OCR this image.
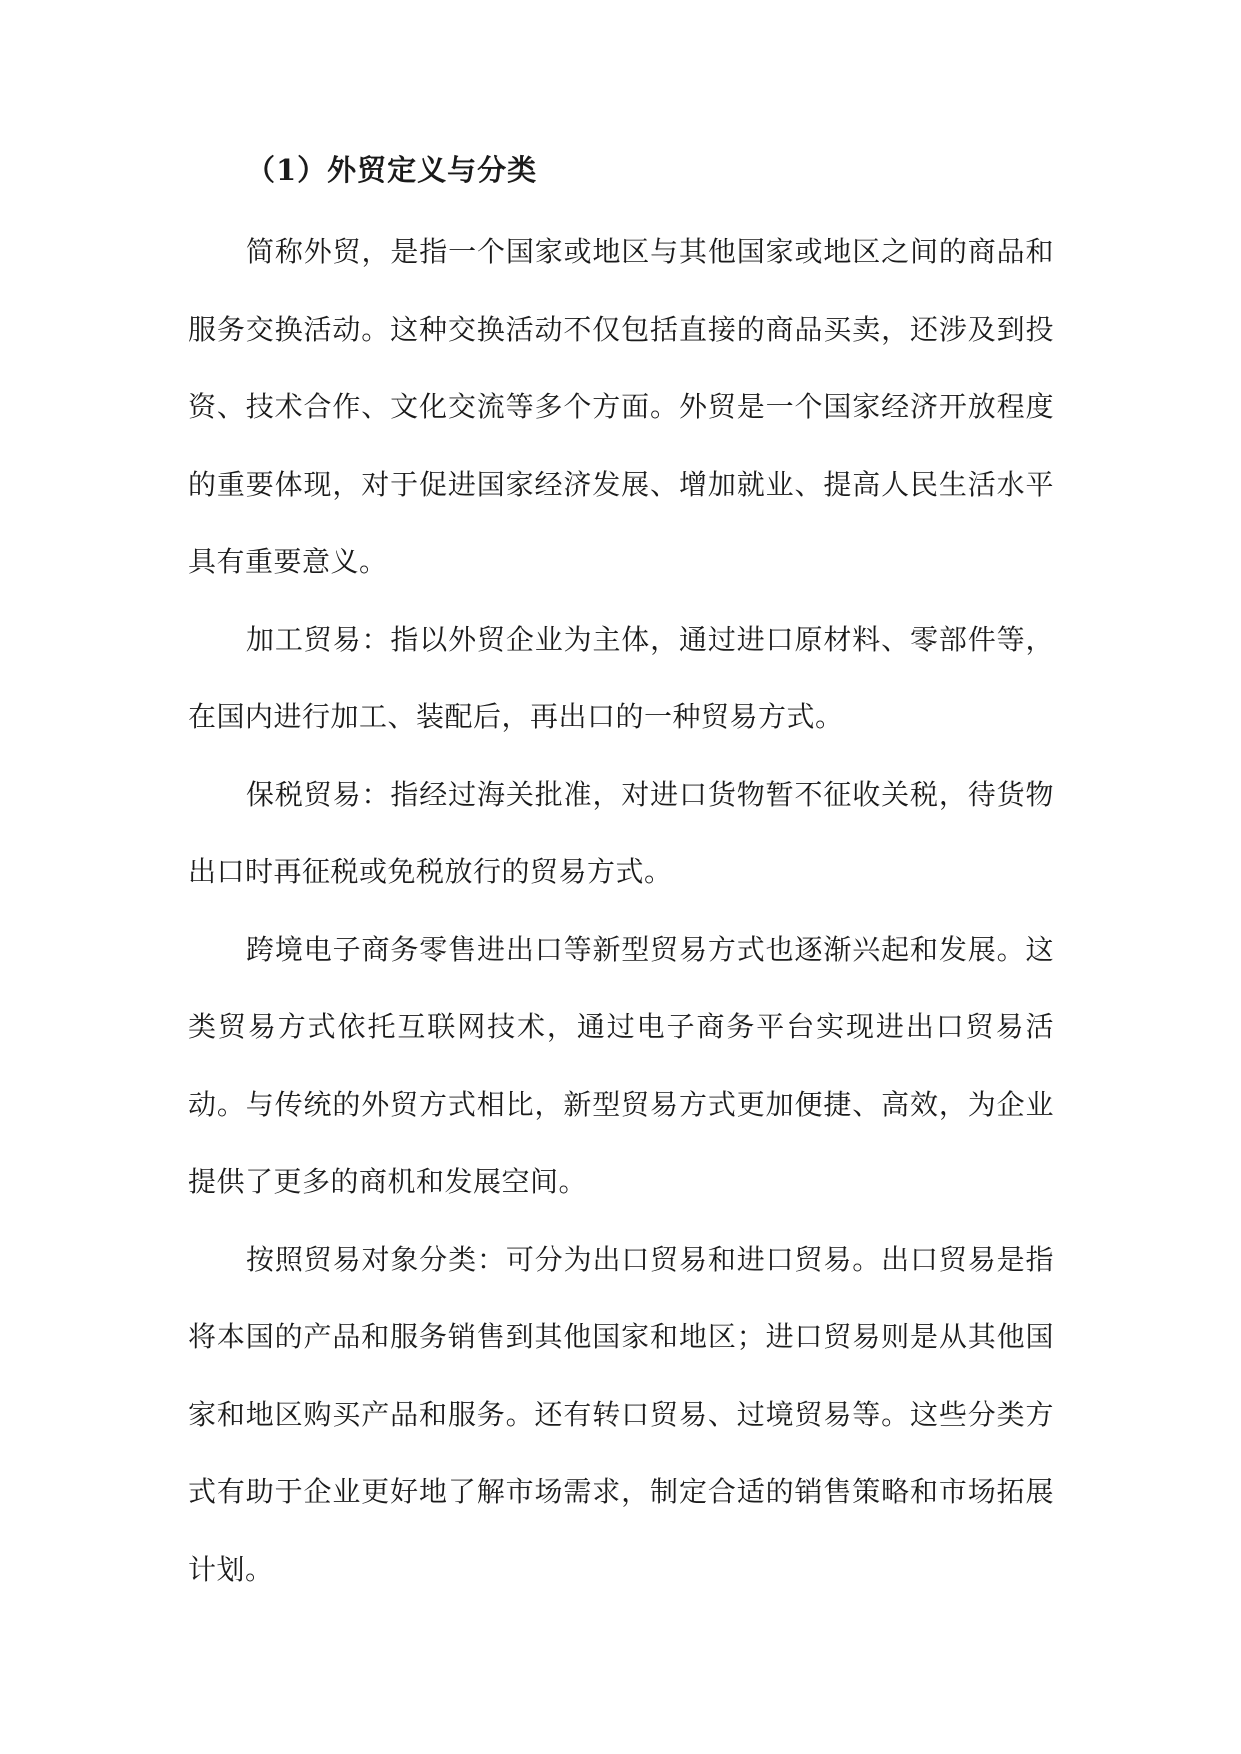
（1）外贸定义与分类

简称外贸，是指一个国家或地区与其他国家或地区之间的商品和服务交换活动。这种交换活动不仅包括直接的商品买卖，还涉及到投资、技术合作、文化交流等多个方面。外贸是一个国家经济开放程度的重要体现，对于促进国家经济发展、增加就业、提高人民生活水平具有重要意义。

加工贸易：指以外贸企业为主体，通过进口原材料、零部件等，在国内进行加工、装配后，再出口的一种贸易方式。

保税贸易：指经过海关批准，对进口货物暂不征收关税，待货物出口时再征税或免税放行的贸易方式。

跨境电子商务零售进出口等新型贸易方式也逐渐兴起和发展。这类贸易方式依托互联网技术，通过电子商务平台实现进出口贸易活动。与传统的外贸方式相比，新型贸易方式更加便捷、高效，为企业提供了更多的商机和发展空间。

按照贸易对象分类：可分为出口贸易和进口贸易。出口贸易是指将本国的产品和服务销售到其他国家和地区；进口贸易则是从其他国家和地区购买产品和服务。还有转口贸易、过境贸易等。这些分类方式有助于企业更好地了解市场需求，制定合适的销售策略和市场拓展计划。
